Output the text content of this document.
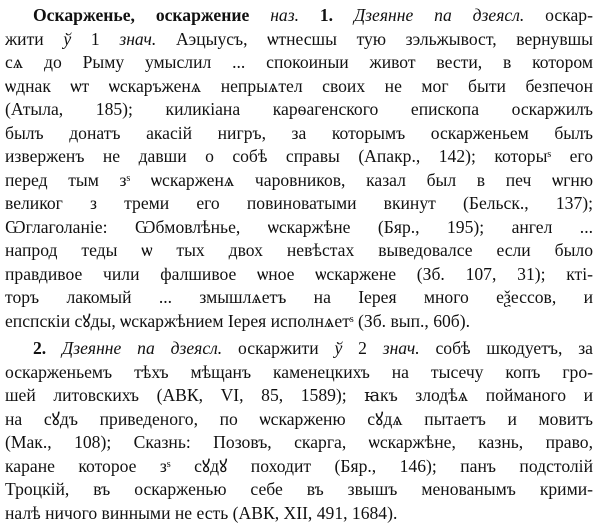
Оскарженье, оскаржение наз. 1. Дзеянне па дзеясл. оскар-
жити ў 1 знач. Аэцыусъ, ѡтнесшы тую зэльжывост, вернувшы
сѧ до Рыму умыслил ... спокоиныи живот вести, в котором
ѡднак ѡт ѡскаръженѧ непрыѧтел своих не мог быти безпечон
(Атыла, 185); киликіана карѳагенского епископа оскаржилъ
былъ донатъ акасій нигръ, за которымъ оскарженьем былъ
изверженъ не давши о собѣ справы (Апакр., 142); которыˢ его
перед тым зˢ ѡскарженѧ чаровников, казал был в печ ѡгню
великог з треми его повиноватыми вкинут (Бельск., 137);
Ѡглаголаніе: Ѡбмовлѣнье, ѡскаржѣне (Бяр., 195); ангел ...
напрод теды ѡ тых двох невѣстах выведовалсе если было
правдивое чили фалшивое ѡное ѡскаржене (Зб. 107, 31); ктi-
торъ лакомый ... змышлѧетъ на Іерея много еѯессов, и
епспскіи сꙋды, ѡскаржѣнием Іерея исполнѧетˢ (Зб. вып., 60б).
2. Дзеянне па дзеясл. оскаржити ў 2 знач. собѣ шкодуетъ, за
оскарженьемъ тѣхъ мѣщанъ каменецкихъ на тысечу копъ гро-
шей литовскихъ (АВК, VI, 85, 1589); ꙗкъ злодѣѧ пойманого и
на сꙋдъ приведеного, по ѡскарженю сꙋдѧ пытаетъ и мовитъ
(Мак., 108); Сказнь: Позовъ, скарга, ѡскаржѣне, казнь, право,
каране которое зˢ сꙋдꙋ походит (Бяр., 146); панъ подстолій
Троцкій, въ оскарженью себе въ звышъ менованымъ крими-
налѣ ничого винными не есть (АВК, XII, 491, 1684).
